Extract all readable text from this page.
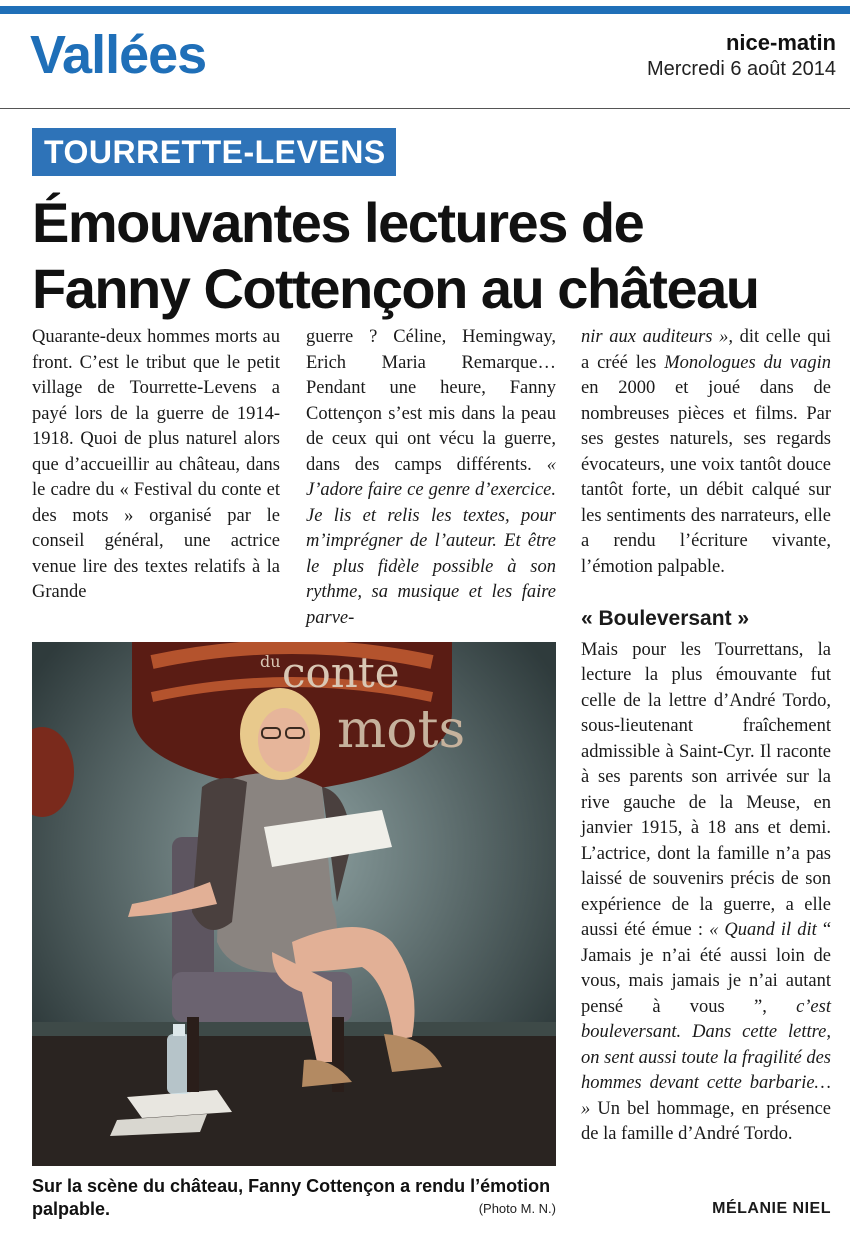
Vallées	nice-matin
Mercredi 6 août 2014
TOURRETTE-LEVENS
Émouvantes lectures de
Fanny Cottençon au château
Quarante-deux hommes morts au front. C’est le tribut que le petit village de Tourrette-Levens a payé lors de la guerre de 1914-1918. Quoi de plus naturel alors que d’accueillir au château, dans le cadre du « Festival du conte et des mots » organisé par le conseil général, une actrice venue lire des textes relatifs à la Grande
guerre ? Céline, Hemingway, Erich Maria Remarque… Pendant une heure, Fanny Cottençon s’est mis dans la peau de ceux qui ont vécu la guerre, dans des camps différents. « J’adore faire ce genre d’exercice. Je lis et relis les textes, pour m’imprégner de l’auteur. Et être le plus fidèle possible à son rythme, sa musique et les faire parve-
nir aux auditeurs », dit celle qui a créé les Monologues du vagin en 2000 et joué dans de nombreuses pièces et films. Par ses gestes naturels, ses regards évocateurs, une voix tantôt douce tantôt forte, un débit calqué sur les sentiments des narrateurs, elle a rendu l’écriture vivante, l’émotion palpable.
« Bouleversant »
Mais pour les Tourrettans, la lecture la plus émouvante fut celle de la lettre d’André Tordo, sous-lieutenant fraîchement admissible à Saint-Cyr. Il raconte à ses parents son arrivée sur la rive gauche de la Meuse, en janvier 1915, à 18 ans et demi. L’actrice, dont la famille n’a pas laissé de souvenirs précis de son expérience de la guerre, a elle aussi été émue : « Quand il dit “ Jamais je n’ai été aussi loin de vous, mais jamais je n’ai autant pensé à vous ”, c’est bouleversant. Dans cette lettre, on sent aussi toute la fragilité des hommes devant cette barbarie… » Un bel hommage, en présence de la famille d’André Tordo.
conte
du
mots
Sur la scène du château, Fanny Cottençon a rendu l’émotion palpable.	(Photo M. N.)	MÉLANIE NIEL
